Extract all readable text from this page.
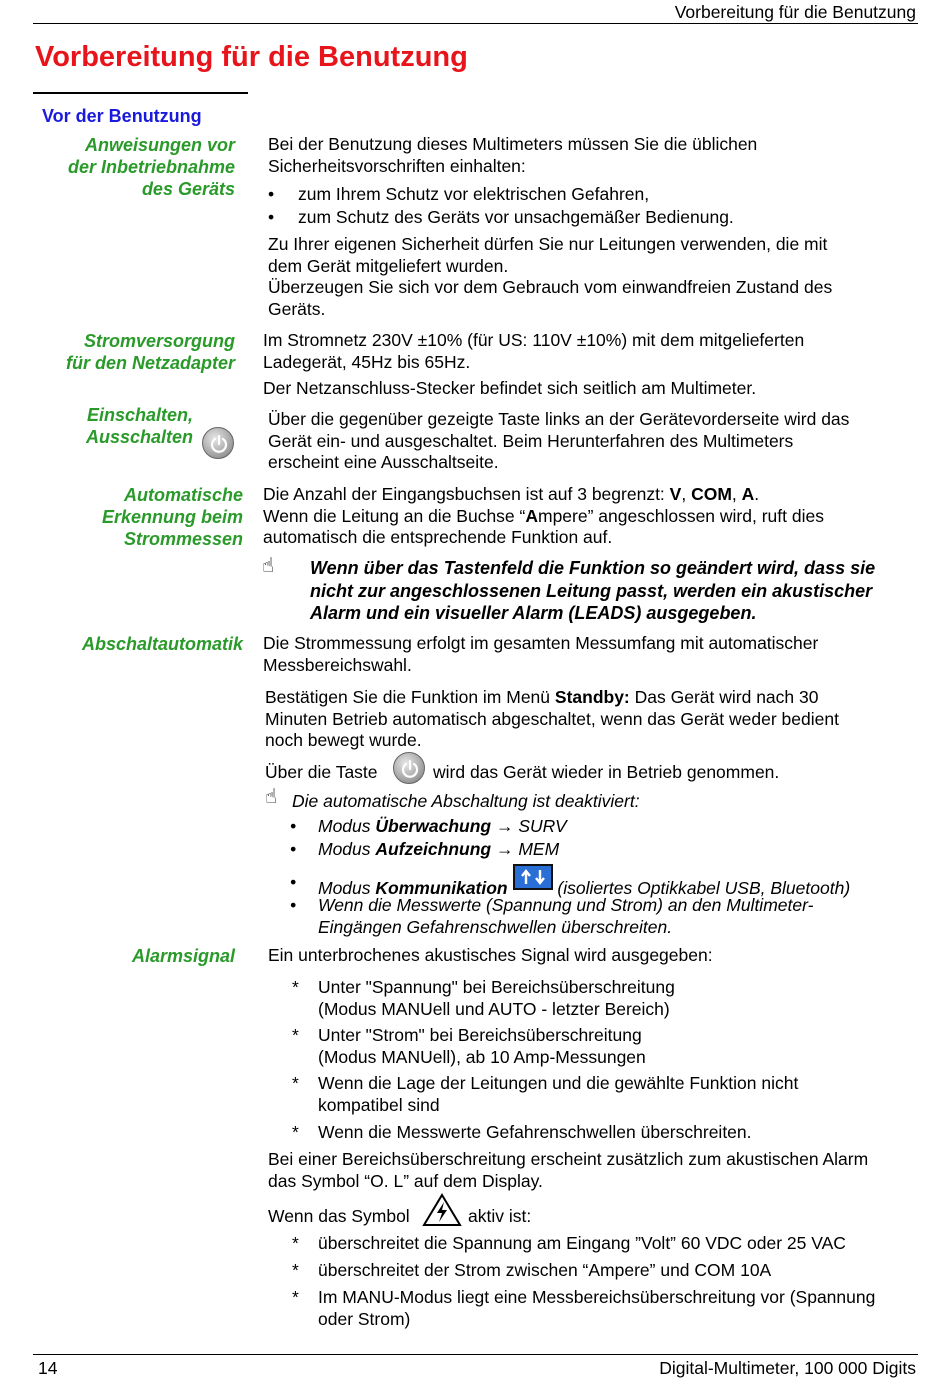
Vorbereitung für die Benutzung
Vorbereitung für die Benutzung
Vor der Benutzung
Anweisungen vor
der Inbetriebnahme
des Geräts
Bei der Benutzung dieses Multimeters müssen Sie die üblichen
Sicherheitsvorschriften einhalten:
• zum Ihrem Schutz vor elektrischen Gefahren,
• zum Schutz des Geräts vor unsachgemäßer Bedienung.
Zu Ihrer eigenen Sicherheit dürfen Sie nur Leitungen verwenden, die mit
dem Gerät mitgeliefert wurden.
Überzeugen Sie sich vor dem Gebrauch vom einwandfreien Zustand des
Geräts.
Stromversorgung
für den Netzadapter
Im Stromnetz 230V ±10% (für US: 110V ±10%) mit dem mitgelieferten
Ladegerät, 45Hz bis 65Hz.
Der Netzanschluss-Stecker befindet sich seitlich am Multimeter.
Einschalten,
Ausschalten
Über die gegenüber gezeigte Taste links an der Gerätevorderseite wird das
Gerät ein- und ausgeschaltet. Beim Herunterfahren des Multimeters
erscheint eine Ausschaltseite.
Automatische
Erkennung beim
Strommessen
Die Anzahl der Eingangsbuchsen ist auf 3 begrenzt: V, COM, A.
Wenn die Leitung an die Buchse “Ampere” angeschlossen wird, ruft dies
automatisch die entsprechende Funktion auf.
☝ Wenn über das Tastenfeld die Funktion so geändert wird, dass sie
nicht zur angeschlossenen Leitung passt, werden ein akustischer
Alarm und ein visueller Alarm (LEADS) ausgegeben.
Abschaltautomatik Die Strommessung erfolgt im gesamten Messumfang mit automatischer
Messbereichswahl.
Bestätigen Sie die Funktion im Menü Standby: Das Gerät wird nach 30
Minuten Betrieb automatisch abgeschaltet, wenn das Gerät weder bedient
noch bewegt wurde.
Über die Taste	wird das Gerät wieder in Betrieb genommen.
☝ Die automatische Abschaltung ist deaktiviert:
• Modus Überwachung → SURV
• Modus Aufzeichnung → MEM
• Modus Kommunikation	(isoliertes Optikkabel USB, Bluetooth)
• Wenn die Messwerte (Spannung und Strom) an den Multimeter-
Eingängen Gefahrenschwellen überschreiten.
Alarmsignal Ein unterbrochenes akustisches Signal wird ausgegeben:
* Unter "Spannung" bei Bereichsüberschreitung
(Modus MANUell und AUTO - letzter Bereich)
* Unter "Strom" bei Bereichsüberschreitung
(Modus MANUell), ab 10 Amp-Messungen
* Wenn die Lage der Leitungen und die gewählte Funktion nicht
kompatibel sind
* Wenn die Messwerte Gefahrenschwellen überschreiten.
Bei einer Bereichsüberschreitung erscheint zusätzlich zum akustischen Alarm
das Symbol “O. L” auf dem Display.
Wenn das Symbol	aktiv ist:
* überschreitet die Spannung am Eingang ”Volt” 60 VDC oder 25 VAC
* überschreitet der Strom zwischen “Ampere” und COM 10A
* Im MANU-Modus liegt eine Messbereichsüberschreitung vor (Spannung
oder Strom)
14	Digital-Multimeter, 100 000 Digits
